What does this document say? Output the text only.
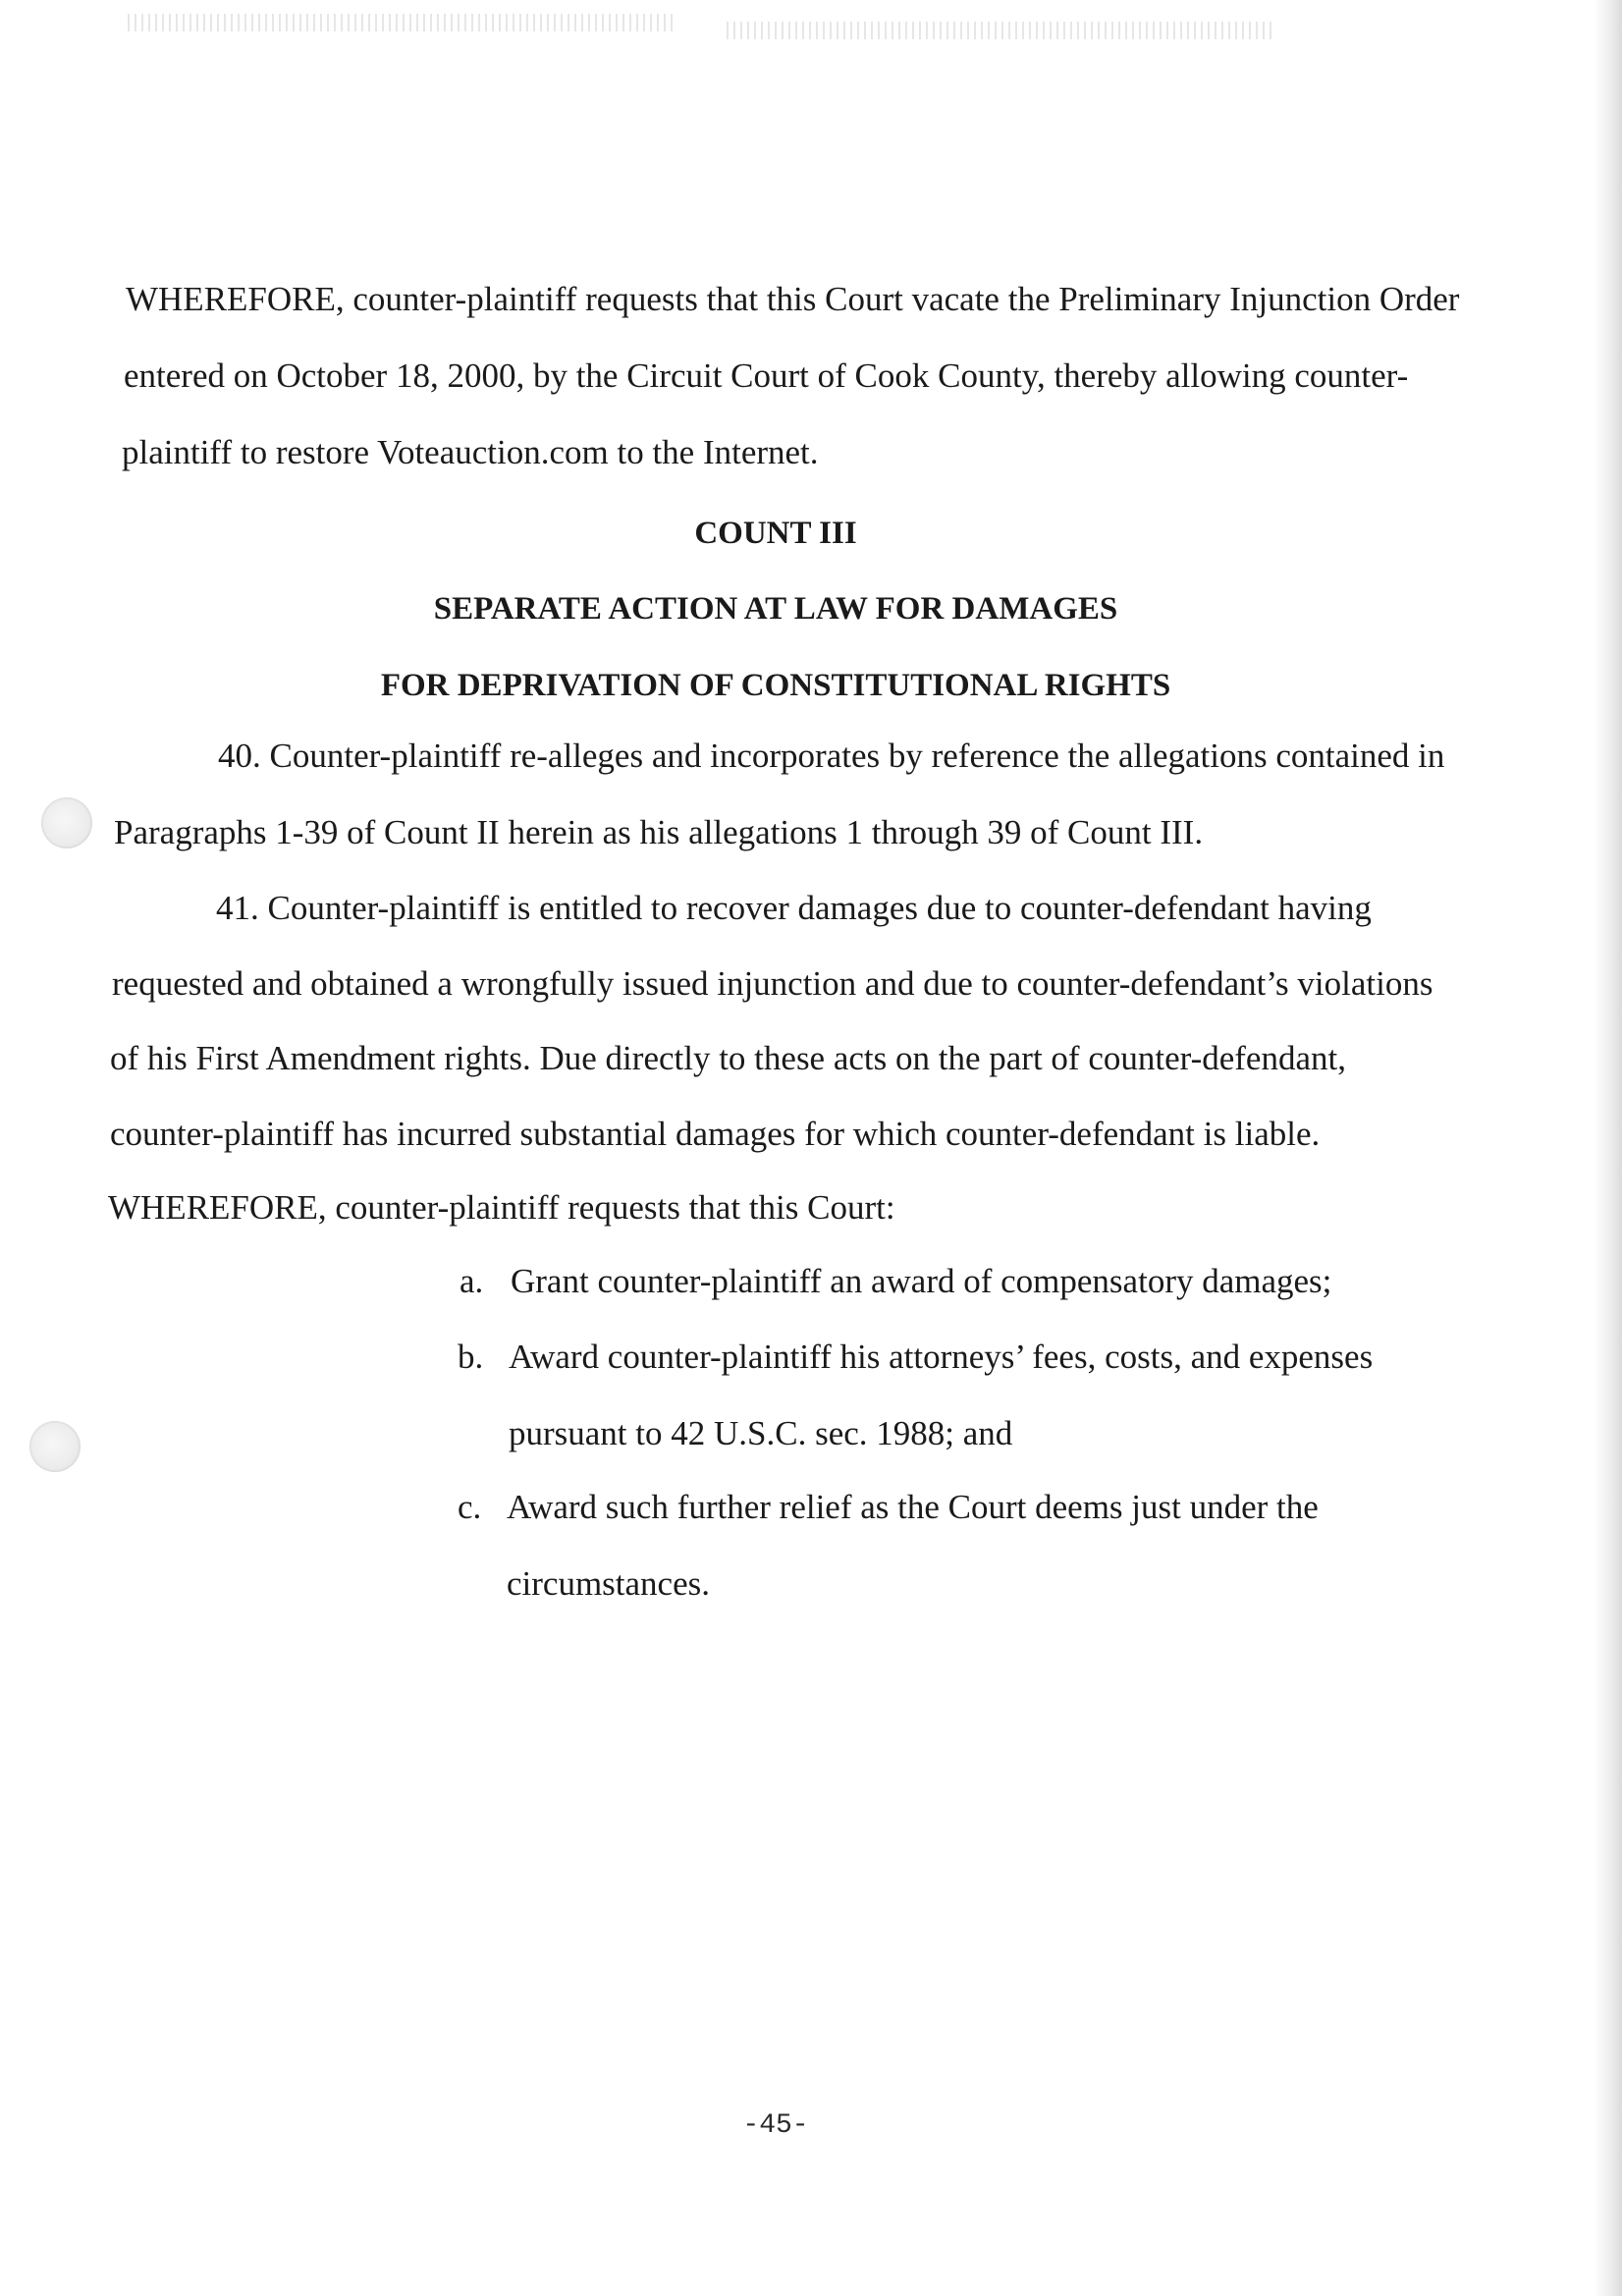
WHEREFORE, counter-plaintiff requests that this Court vacate the Preliminary Injunction Order
entered on October 18, 2000, by the Circuit Court of Cook County, thereby allowing counter-
plaintiff to restore Voteauction.com to the Internet.
COUNT III
SEPARATE ACTION AT LAW FOR DAMAGES
FOR DEPRIVATION OF CONSTITUTIONAL RIGHTS
40. Counter-plaintiff re-alleges and incorporates by reference the allegations contained in
Paragraphs 1-39 of Count II herein as his allegations 1 through 39 of Count III.
41. Counter-plaintiff is entitled to recover damages due to counter-defendant having
requested and obtained a wrongfully issued injunction and due to counter-defendant’s violations
of his First Amendment rights. Due directly to these acts on the part of counter-defendant,
counter-plaintiff has incurred substantial damages for which counter-defendant is liable.
WHEREFORE, counter-plaintiff requests that this Court:
a. Grant counter-plaintiff an award of compensatory damages;
b. Award counter-plaintiff his attorneys’ fees, costs, and expenses
pursuant to 42 U.S.C. sec. 1988; and
c. Award such further relief as the Court deems just under the
circumstances.
-45-
